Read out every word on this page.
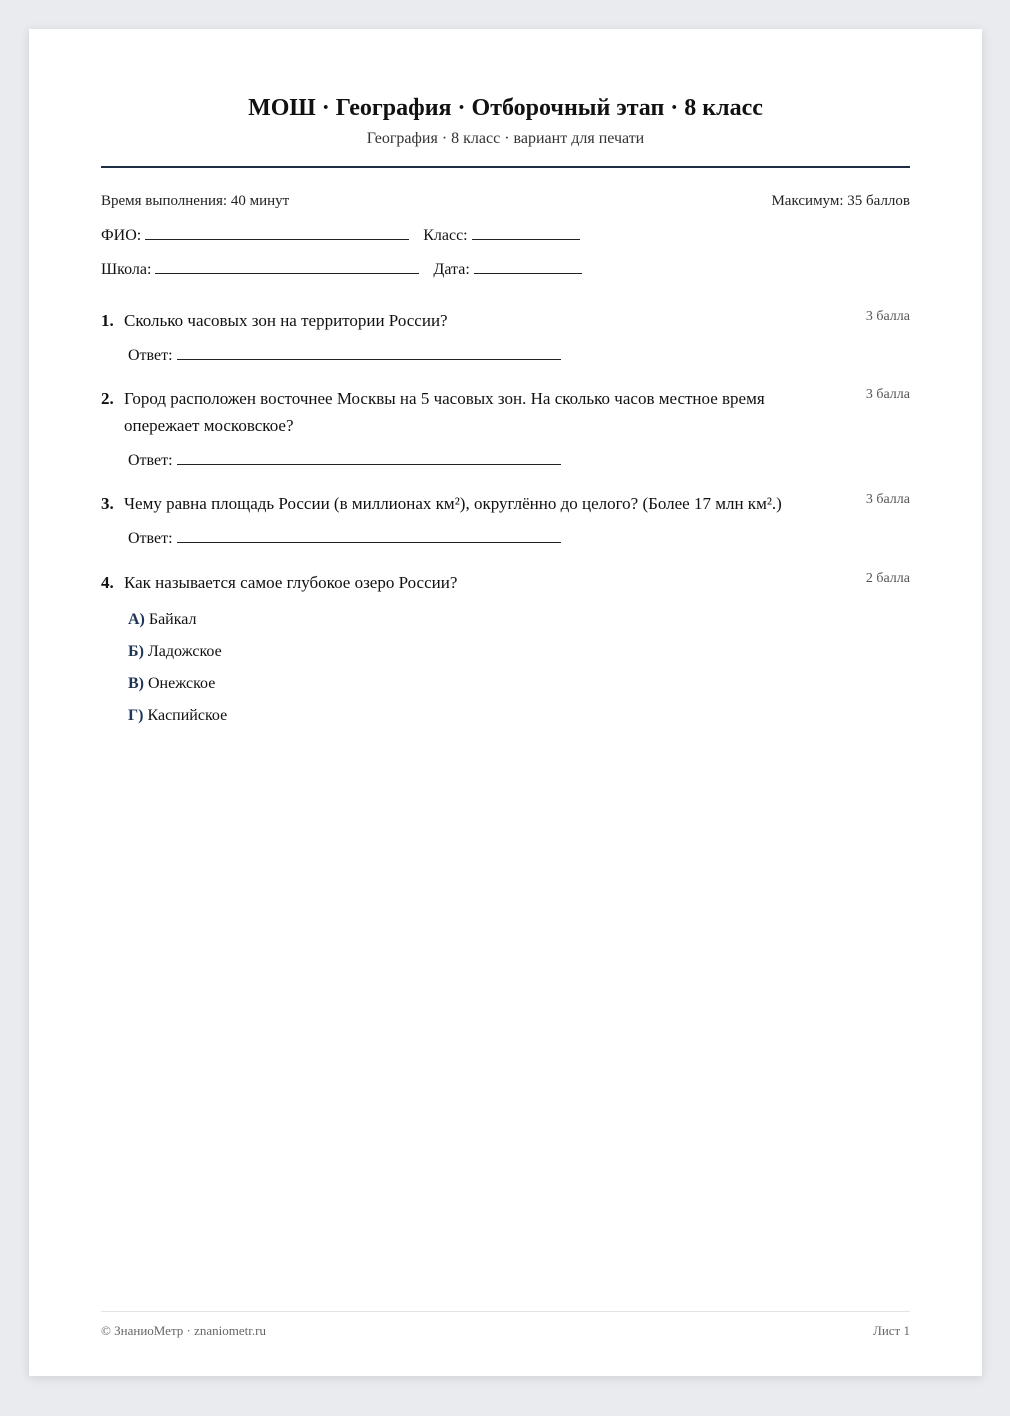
МОШ · География · Отборочный этап · 8 класс
География · 8 класс · вариант для печати
Время выполнения: 40 минут	Максимум: 35 баллов
ФИО:	Класс:
Школа:	Дата:
1. Сколько часовых зон на территории России?	3 балла
Ответ:
2. Город расположен восточнее Москвы на 5 часовых зон. На сколько часов местное время опережает московское?
3 балла
Ответ:
3. Чему равна площадь России (в миллионах км²), округлённо до целого? (Более 17 млн км².)	3 балла
Ответ:
4. Как называется самое глубокое озеро России?	2 балла
А) Байкал
Б) Ладожское
В) Онежское
Г) Каспийское
© ЗнаниоМетр · znaniometr.ru	Лист 1
